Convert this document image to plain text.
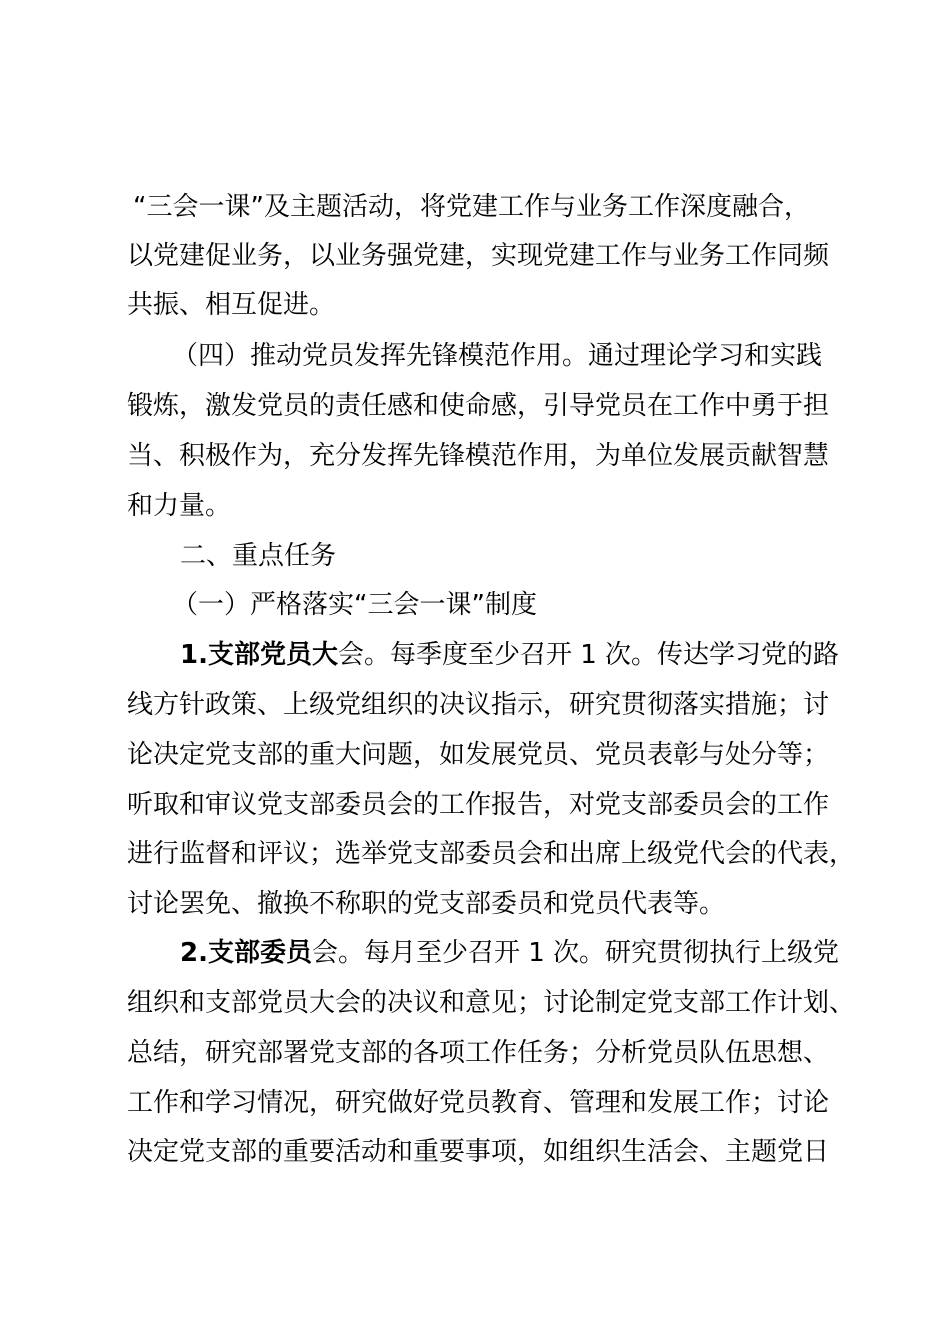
“三会一课”及主题活动，将党建工作与业务工作深度融合，
以党建促业务，以业务强党建，实现党建工作与业务工作同频
共振、相互促进。
（四）推动党员发挥先锋模范作用。通过理论学习和实践
锻炼，激发党员的责任感和使命感，引导党员在工作中勇于担
当、积极作为，充分发挥先锋模范作用，为单位发展贡献智慧
和力量。
二、重点任务
（一）严格落实“三会一课”制度
1.支部党员大会。每季度至少召开 1 次。传达学习党的路
线方针政策、上级党组织的决议指示，研究贯彻落实措施；讨
论决定党支部的重大问题，如发展党员、党员表彰与处分等；
听取和审议党支部委员会的工作报告，对党支部委员会的工作
进行监督和评议；选举党支部委员会和出席上级党代会的代表，
讨论罢免、撤换不称职的党支部委员和党员代表等。
2.支部委员会。每月至少召开 1 次。研究贯彻执行上级党
组织和支部党员大会的决议和意见；讨论制定党支部工作计划、
总结，研究部署党支部的各项工作任务；分析党员队伍思想、
工作和学习情况，研究做好党员教育、管理和发展工作；讨论
决定党支部的重要活动和重要事项，如组织生活会、主题党日
